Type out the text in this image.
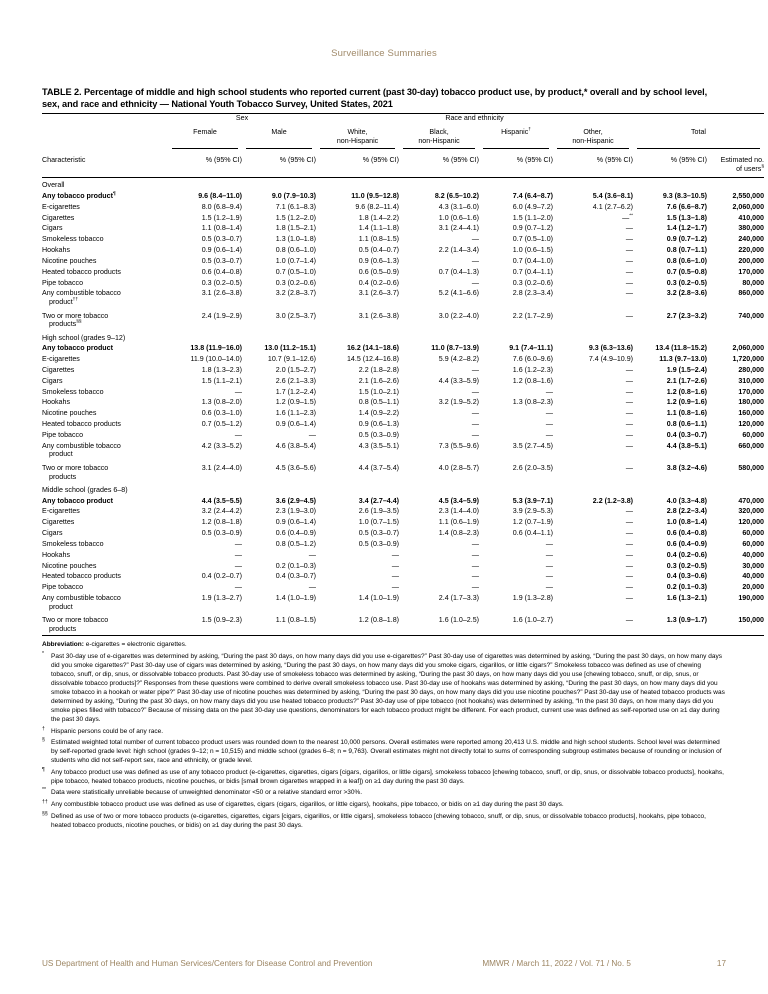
Surveillance Summaries
TABLE 2. Percentage of middle and high school students who reported current (past 30-day) tobacco product use, by product,* overall and by school level, sex, and race and ethnicity — National Youth Tobacco Survey, United States, 2021
	Sex		Race and ethnicity					

	Female	Male	White,
non-Hispanic	Black,
non-Hispanic	Hispanic†	Other,
non-Hispanic	Total	

Characteristic	% (95% CI)	% (95% CI)	% (95% CI)	% (95% CI)	% (95% CI)	% (95% CI)	% (95% CI)	Estimated no.
of users§
Overall								
Any tobacco product¶	9.6 (8.4–11.0)	9.0 (7.9–10.3)	11.0 (9.5–12.8)	8.2 (6.5–10.2)	7.4 (6.4–8.7)	5.4 (3.6–8.1)	9.3 (8.3–10.5)	2,550,000
E-cigarettes	8.0 (6.8–9.4)	7.1 (6.1–8.3)	9.6 (8.2–11.4)	4.3 (3.1–6.0)	6.0 (4.9–7.2)	4.1 (2.7–6.2)	7.6 (6.6–8.7)	2,060,000
Cigarettes	1.5 (1.2–1.9)	1.5 (1.2–2.0)	1.8 (1.4–2.2)	1.0 (0.6–1.6)	1.5 (1.1–2.0)	—**	1.5 (1.3–1.8)	410,000
Cigars	1.1 (0.8–1.4)	1.8 (1.5–2.1)	1.4 (1.1–1.8)	3.1 (2.4–4.1)	0.9 (0.7–1.2)	—	1.4 (1.2–1.7)	380,000
Smokeless tobacco	0.5 (0.3–0.7)	1.3 (1.0–1.8)	1.1 (0.8–1.5)	—	0.7 (0.5–1.0)	—	0.9 (0.7–1.2)	240,000
Hookahs	0.9 (0.6–1.4)	0.8 (0.6–1.0)	0.5 (0.4–0.7)	2.2 (1.4–3.4)	1.0 (0.6–1.5)	—	0.8 (0.7–1.1)	220,000
Nicotine pouches	0.5 (0.3–0.7)	1.0 (0.7–1.4)	0.9 (0.6–1.3)	—	0.7 (0.4–1.0)	—	0.8 (0.6–1.0)	200,000
Heated tobacco products	0.6 (0.4–0.8)	0.7 (0.5–1.0)	0.6 (0.5–0.9)	0.7 (0.4–1.3)	0.7 (0.4–1.1)	—	0.7 (0.5–0.8)	170,000
Pipe tobacco	0.3 (0.2–0.5)	0.3 (0.2–0.6)	0.4 (0.2–0.6)	—	0.3 (0.2–0.6)	—	0.3 (0.2–0.5)	80,000
Any combustible tobacco
product††	3.1 (2.6–3.8)	3.2 (2.8–3.7)	3.1 (2.6–3.7)	5.2 (4.1–6.6)	2.8 (2.3–3.4)	—	3.2 (2.8–3.6)	860,000
Two or more tobacco
products§§	2.4 (1.9–2.9)	3.0 (2.5–3.7)	3.1 (2.6–3.8)	3.0 (2.2–4.0)	2.2 (1.7–2.9)	—	2.7 (2.3–3.2)	740,000
High school (grades 9–12)								
Any tobacco product	13.8 (11.9–16.0)	13.0 (11.2–15.1)	16.2 (14.1–18.6)	11.0 (8.7–13.9)	9.1 (7.4–11.1)	9.3 (6.3–13.6)	13.4 (11.8–15.2)	2,060,000
E-cigarettes	11.9 (10.0–14.0)	10.7 (9.1–12.6)	14.5 (12.4–16.8)	5.9 (4.2–8.2)	7.6 (6.0–9.6)	7.4 (4.9–10.9)	11.3 (9.7–13.0)	1,720,000
Cigarettes	1.8 (1.3–2.3)	2.0 (1.5–2.7)	2.2 (1.8–2.8)	—	1.6 (1.2–2.3)	—	1.9 (1.5–2.4)	280,000
Cigars	1.5 (1.1–2.1)	2.6 (2.1–3.3)	2.1 (1.6–2.6)	4.4 (3.3–5.9)	1.2 (0.8–1.6)	—	2.1 (1.7–2.6)	310,000
Smokeless tobacco	—	1.7 (1.2–2.4)	1.5 (1.0–2.1)	—	—	—	1.2 (0.8–1.6)	170,000
Hookahs	1.3 (0.8–2.0)	1.2 (0.9–1.5)	0.8 (0.5–1.1)	3.2 (1.9–5.2)	1.3 (0.8–2.3)	—	1.2 (0.9–1.6)	180,000
Nicotine pouches	0.6 (0.3–1.0)	1.6 (1.1–2.3)	1.4 (0.9–2.2)	—	—	—	1.1 (0.8–1.6)	160,000
Heated tobacco products	0.7 (0.5–1.2)	0.9 (0.6–1.4)	0.9 (0.6–1.3)	—	—	—	0.8 (0.6–1.1)	120,000
Pipe tobacco	—	—	0.5 (0.3–0.9)	—	—	—	0.4 (0.3–0.7)	60,000
Any combustible tobacco
product	4.2 (3.3–5.2)	4.6 (3.8–5.4)	4.3 (3.5–5.1)	7.3 (5.5–9.6)	3.5 (2.7–4.5)	—	4.4 (3.8–5.1)	660,000
Two or more tobacco
products	3.1 (2.4–4.0)	4.5 (3.6–5.6)	4.4 (3.7–5.4)	4.0 (2.8–5.7)	2.6 (2.0–3.5)	—	3.8 (3.2–4.6)	580,000
Middle school (grades 6–8)								
Any tobacco product	4.4 (3.5–5.5)	3.6 (2.9–4.5)	3.4 (2.7–4.4)	4.5 (3.4–5.9)	5.3 (3.9–7.1)	2.2 (1.2–3.8)	4.0 (3.3–4.8)	470,000
E-cigarettes	3.2 (2.4–4.2)	2.3 (1.9–3.0)	2.6 (1.9–3.5)	2.3 (1.4–4.0)	3.9 (2.9–5.3)	—	2.8 (2.2–3.4)	320,000
Cigarettes	1.2 (0.8–1.8)	0.9 (0.6–1.4)	1.0 (0.7–1.5)	1.1 (0.6–1.9)	1.2 (0.7–1.9)	—	1.0 (0.8–1.4)	120,000
Cigars	0.5 (0.3–0.9)	0.6 (0.4–0.9)	0.5 (0.3–0.7)	1.4 (0.8–2.3)	0.6 (0.4–1.1)	—	0.6 (0.4–0.8)	60,000
Smokeless tobacco	—	0.8 (0.5–1.2)	0.5 (0.3–0.9)	—	—	—	0.6 (0.4–0.9)	60,000
Hookahs	—	—	—	—	—	—	0.4 (0.2–0.6)	40,000
Nicotine pouches	—	0.2 (0.1–0.3)	—	—	—	—	0.3 (0.2–0.5)	30,000
Heated tobacco products	0.4 (0.2–0.7)	0.4 (0.3–0.7)	—	—	—	—	0.4 (0.3–0.6)	40,000
Pipe tobacco	—	—	—	—	—	—	0.2 (0.1–0.3)	20,000
Any combustible tobacco
product	1.9 (1.3–2.7)	1.4 (1.0–1.9)	1.4 (1.0–1.9)	2.4 (1.7–3.3)	1.9 (1.3–2.8)	—	1.6 (1.3–2.1)	190,000
Two or more tobacco
products	1.5 (0.9–2.3)	1.1 (0.8–1.5)	1.2 (0.8–1.8)	1.6 (1.0–2.5)	1.6 (1.0–2.7)	—	1.3 (0.9–1.7)	150,000
Abbreviation: e-cigarettes = electronic cigarettes.
* Past 30-day use of e-cigarettes was determined by asking, “During the past 30 days, on how many days did you use e-cigarettes?” Past 30-day use of cigarettes was determined by asking, “During the past 30 days, on how many days did you smoke cigarettes?” Past 30-day use of cigars was determined by asking, “During the past 30 days, on how many days did you smoke cigars, cigarillos, or little cigars?” Smokeless tobacco was defined as use of chewing tobacco, snuff, or dip, snus, or dissolvable tobacco products. Past 30-day use of smokeless tobacco was determined by asking, “During the past 30 days, on how many days did you use [chewing tobacco, snuff, or dip, snus, or dissolvable tobacco products]?” Responses from these questions were combined to derive overall smokeless tobacco use. Past 30-day use of hookahs was determined by asking, “During the past 30 days, on how many days did you smoke tobacco in a hookah or water pipe?” Past 30-day use of nicotine pouches was determined by asking, “During the past 30 days, on how many days did you use nicotine pouches?” Past 30-day use of heated tobacco products was determined by asking, “During the past 30 days, on how many days did you use heated tobacco products?” Past 30-day use of pipe tobacco (not hookahs) was determined by asking, “In the past 30 days, on how many days did you smoke pipes filled with tobacco?” Because of missing data on the past 30-day use questions, denominators for each tobacco product might be different. For each product, current use was defined as self-reported use on ≥1 day during the past 30 days.
† Hispanic persons could be of any race.
§ Estimated weighted total number of current tobacco product users was rounded down to the nearest 10,000 persons. Overall estimates were reported among 20,413 U.S. middle and high school students. School level was determined by self-reported grade level: high school (grades 9–12; n = 10,515) and middle school (grades 6–8; n = 9,763). Overall estimates might not directly total to sums of corresponding subgroup estimates because of rounding or inclusion of students who did not self-report sex, race and ethnicity, or grade level.
¶ Any tobacco product use was defined as use of any tobacco product (e-cigarettes, cigarettes, cigars [cigars, cigarillos, or little cigars], smokeless tobacco [chewing tobacco, snuff, or dip, snus, or dissolvable tobacco products], hookahs, pipe tobacco, heated tobacco products, nicotine pouches, or bidis [small brown cigarettes wrapped in a leaf]) on ≥1 day during the past 30 days.
** Data were statistically unreliable because of unweighted denominator <50 or a relative standard error >30%.
†† Any combustible tobacco product use was defined as use of cigarettes, cigars (cigars, cigarillos, or little cigars), hookahs, pipe tobacco, or bidis on ≥1 day during the past 30 days.
§§ Defined as use of two or more tobacco products (e-cigarettes, cigarettes, cigars [cigars, cigarillos, or little cigars], smokeless tobacco [chewing tobacco, snuff, or dip, snus, or dissolvable tobacco products], hookahs, pipe tobacco, heated tobacco products, nicotine pouches, or bidis) on ≥1 day during the past 30 days.
US Department of Health and Human Services/Centers for Disease Control and Prevention	MMWR / March 11, 2022 / Vol. 71 / No. 5	17
